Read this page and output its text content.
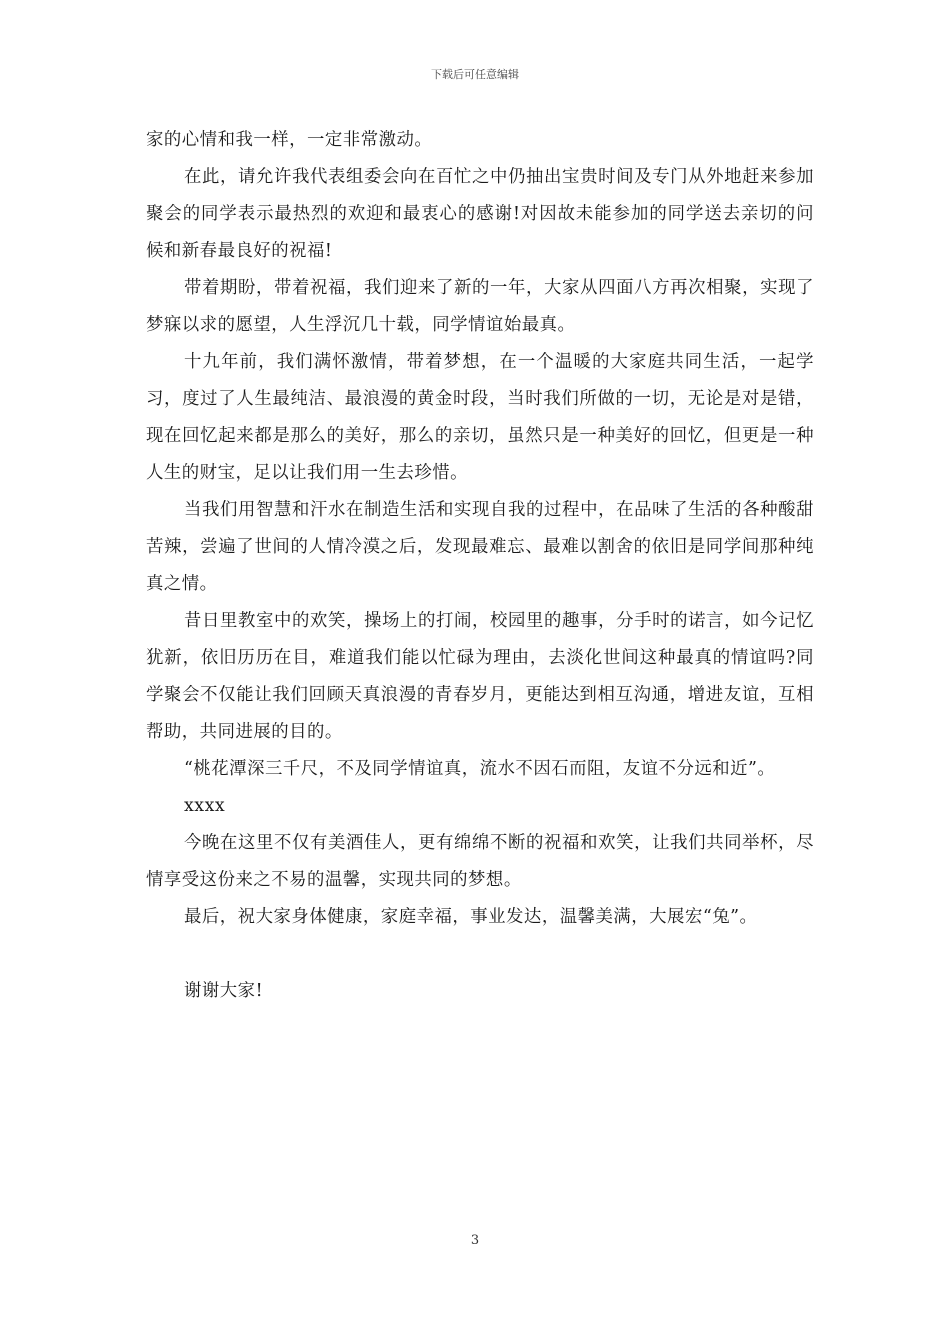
下载后可任意编辑

家的心情和我一样，一定非常激动。

在此，请允许我代表组委会向在百忙之中仍抽出宝贵时间及专门从外地赶来参加聚会的同学表示最热烈的欢迎和最衷心的感谢!对因故未能参加的同学送去亲切的问候和新春最良好的祝福!

带着期盼，带着祝福，我们迎来了新的一年，大家从四面八方再次相聚，实现了梦寐以求的愿望，人生浮沉几十载，同学情谊始最真。

十九年前，我们满怀激情，带着梦想，在一个温暖的大家庭共同生活，一起学习，度过了人生最纯洁、最浪漫的黄金时段，当时我们所做的一切，无论是对是错，现在回忆起来都是那么的美好，那么的亲切，虽然只是一种美好的回忆，但更是一种人生的财宝，足以让我们用一生去珍惜。

当我们用智慧和汗水在制造生活和实现自我的过程中，在品味了生活的各种酸甜苦辣，尝遍了世间的人情冷漠之后，发现最难忘、最难以割舍的依旧是同学间那种纯真之情。

昔日里教室中的欢笑，操场上的打闹，校园里的趣事，分手时的诺言，如今记忆犹新，依旧历历在目，难道我们能以忙碌为理由，去淡化世间这种最真的情谊吗?同学聚会不仅能让我们回顾天真浪漫的青春岁月，更能达到相互沟通，增进友谊，互相帮助，共同进展的目的。

“桃花潭深三千尺，不及同学情谊真，流水不因石而阻，友谊不分远和近”。

xxxx

今晚在这里不仅有美酒佳人，更有绵绵不断的祝福和欢笑，让我们共同举杯，尽情享受这份来之不易的温馨，实现共同的梦想。

最后，祝大家身体健康，家庭幸福，事业发达，温馨美满，大展宏“兔”。

谢谢大家!

3
